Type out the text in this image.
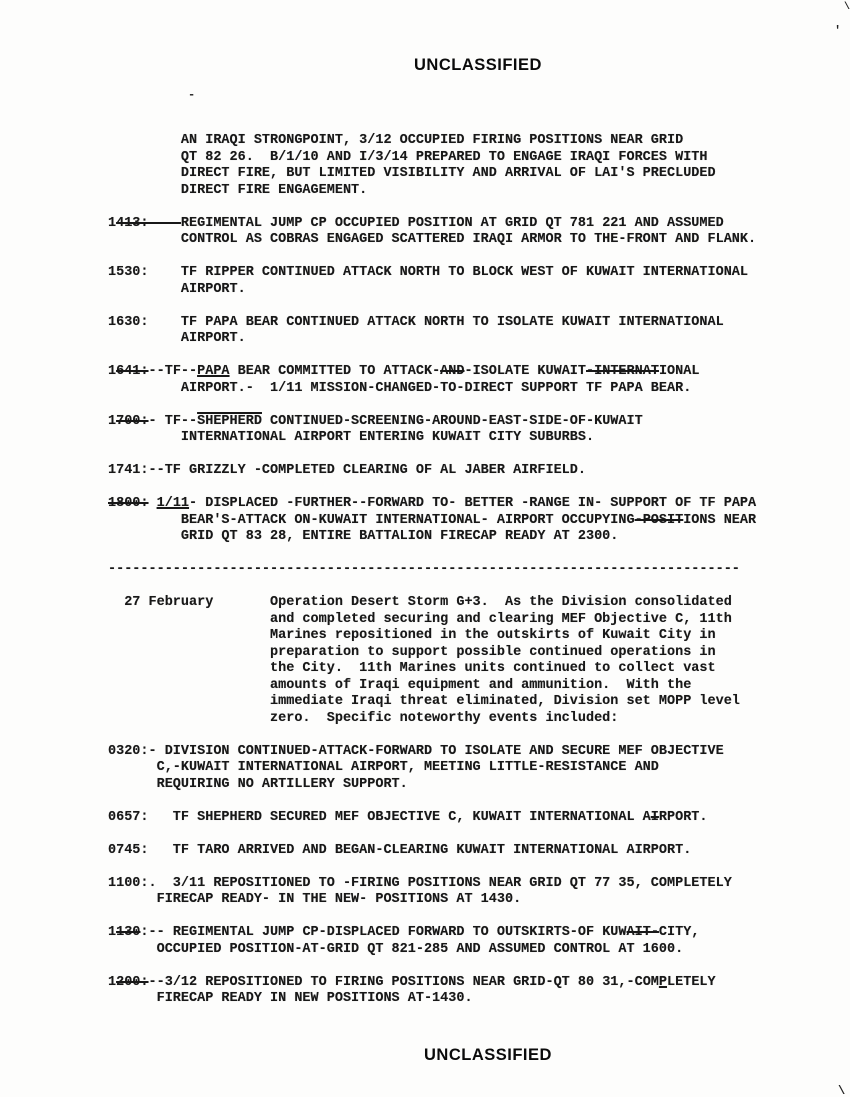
UNCLASSIFIED
'
\
-
\
AN IRAQI STRONGPOINT, 3/12 OCCUPIED FIRING POSITIONS NEAR GRID
QT 82 26.  B/1/10 AND I/3/14 PREPARED TO ENGAGE IRAQI FORCES WITH
DIRECT FIRE, BUT LIMITED VISIBILITY AND ARRIVAL OF LAI'S PRECLUDED
DIRECT FIRE ENGAGEMENT.
1413:    REGIMENTAL JUMP CP OCCUPIED POSITION AT GRID QT 781 221 AND ASSUMED
CONTROL AS COBRAS ENGAGED SCATTERED IRAQI ARMOR TO THE-FRONT AND FLANK.
1530:    TF RIPPER CONTINUED ATTACK NORTH TO BLOCK WEST OF KUWAIT INTERNATIONAL
AIRPORT.
1630:    TF PAPA BEAR CONTINUED ATTACK NORTH TO ISOLATE KUWAIT INTERNATIONAL
AIRPORT.
1641:--TF--PAPA BEAR COMMITTED TO ATTACK-AND-ISOLATE KUWAIT-INTERNATIONAL
AIRPORT.-  1/11 MISSION-CHANGED-TO-DIRECT SUPPORT TF PAPA BEAR.
1700:- TF--SHEPHERD CONTINUED-SCREENING-AROUND-EAST-SIDE-OF-KUWAIT
INTERNATIONAL AIRPORT ENTERING KUWAIT CITY SUBURBS.
1741:--TF GRIZZLY -COMPLETED CLEARING OF AL JABER AIRFIELD.
1800: 1/11- DISPLACED -FURTHER--FORWARD TO- BETTER -RANGE IN- SUPPORT OF TF PAPA
BEAR'S-ATTACK ON-KUWAIT INTERNATIONAL- AIRPORT OCCUPYING-POSITIONS NEAR
GRID QT 83 28, ENTIRE BATTALION FIRECAP READY AT 2300.
------------------------------------------------------------------------------
27 February       Operation Desert Storm G+3.  As the Division consolidated
and completed securing and clearing MEF Objective C, 11th
Marines repositioned in the outskirts of Kuwait City in
preparation to support possible continued operations in
the City.  11th Marines units continued to collect vast
amounts of Iraqi equipment and ammunition.  With the
immediate Iraqi threat eliminated, Division set MOPP level
zero.  Specific noteworthy events included:
0320:- DIVISION CONTINUED-ATTACK-FORWARD TO ISOLATE AND SECURE MEF OBJECTIVE
C,-KUWAIT INTERNATIONAL AIRPORT, MEETING LITTLE-RESISTANCE AND
REQUIRING NO ARTILLERY SUPPORT.
0657:   TF SHEPHERD SECURED MEF OBJECTIVE C, KUWAIT INTERNATIONAL AIRPORT.
0745:   TF TARO ARRIVED AND BEGAN-CLEARING KUWAIT INTERNATIONAL AIRPORT.
1100:.  3/11 REPOSITIONED TO -FIRING POSITIONS NEAR GRID QT 77 35, COMPLETELY
FIRECAP READY- IN THE NEW- POSITIONS AT 1430.
1130:-- REGIMENTAL JUMP CP-DISPLACED FORWARD TO OUTSKIRTS-OF KUWAIT-CITY,
OCCUPIED POSITION-AT-GRID QT 821-285 AND ASSUMED CONTROL AT 1600.
1200:--3/12 REPOSITIONED TO FIRING POSITIONS NEAR GRID-QT 80 31,-COMPLETELY
FIRECAP READY IN NEW POSITIONS AT-1430.
UNCLASSIFIED
